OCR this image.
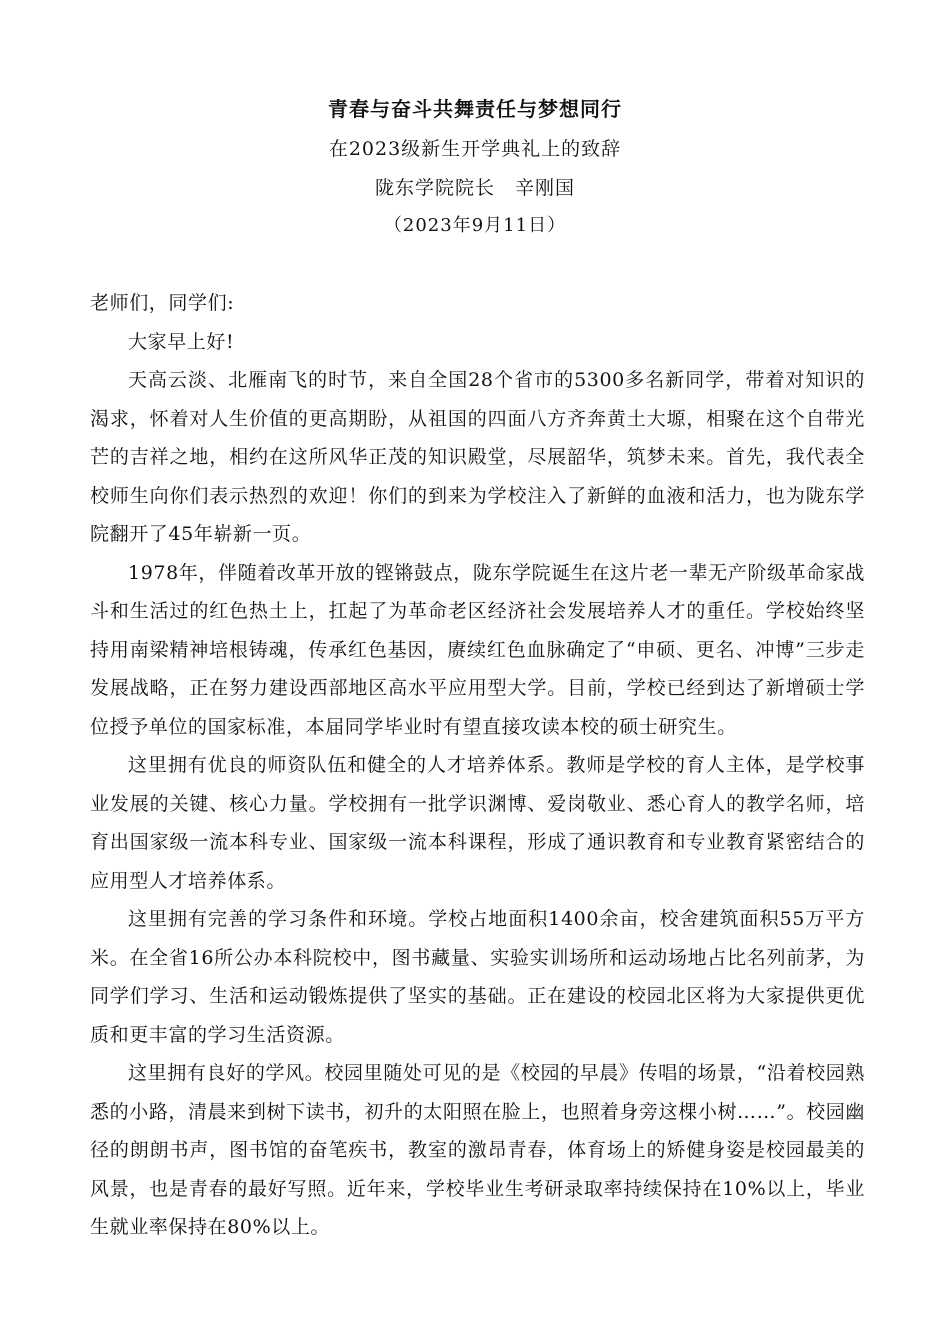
青春与奋斗共舞责任与梦想同行
在2023级新生开学典礼上的致辞
陇东学院院长　辛刚国
（2023年9月11日）

老师们，同学们:

大家早上好!

天高云淡、北雁南飞的时节，来自全国28个省市的5300多名新同学，带着对知识的渴求，怀着对人生价值的更高期盼，从祖国的四面八方齐奔黄土大塬，相聚在这个自带光芒的吉祥之地，相约在这所风华正茂的知识殿堂，尽展韶华，筑梦未来。首先，我代表全校师生向你们表示热烈的欢迎！你们的到来为学校注入了新鲜的血液和活力，也为陇东学院翻开了45年崭新一页。

1978年，伴随着改革开放的铿锵鼓点，陇东学院诞生在这片老一辈无产阶级革命家战斗和生活过的红色热土上，扛起了为革命老区经济社会发展培养人才的重任。学校始终坚持用南梁精神培根铸魂，传承红色基因，赓续红色血脉确定了“申硕、更名、冲博”三步走发展战略，正在努力建设西部地区高水平应用型大学。目前，学校已经到达了新增硕士学位授予单位的国家标准，本届同学毕业时有望直接攻读本校的硕士研究生。

这里拥有优良的师资队伍和健全的人才培养体系。教师是学校的育人主体，是学校事业发展的关键、核心力量。学校拥有一批学识渊博、爱岗敬业、悉心育人的教学名师，培育出国家级一流本科专业、国家级一流本科课程，形成了通识教育和专业教育紧密结合的应用型人才培养体系。

这里拥有完善的学习条件和环境。学校占地面积1400余亩，校舍建筑面积55万平方米。在全省16所公办本科院校中，图书藏量、实验实训场所和运动场地占比名列前茅，为同学们学习、生活和运动锻炼提供了坚实的基础。正在建设的校园北区将为大家提供更优质和更丰富的学习生活资源。

这里拥有良好的学风。校园里随处可见的是《校园的早晨》传唱的场景，“沿着校园熟悉的小路，清晨来到树下读书，初升的太阳照在脸上，也照着身旁这棵小树……”。校园幽径的朗朗书声，图书馆的奋笔疾书，教室的激昂青春，体育场上的矫健身姿是校园最美的风景，也是青春的最好写照。近年来，学校毕业生考研录取率持续保持在10%以上，毕业生就业率保持在80%以上。
